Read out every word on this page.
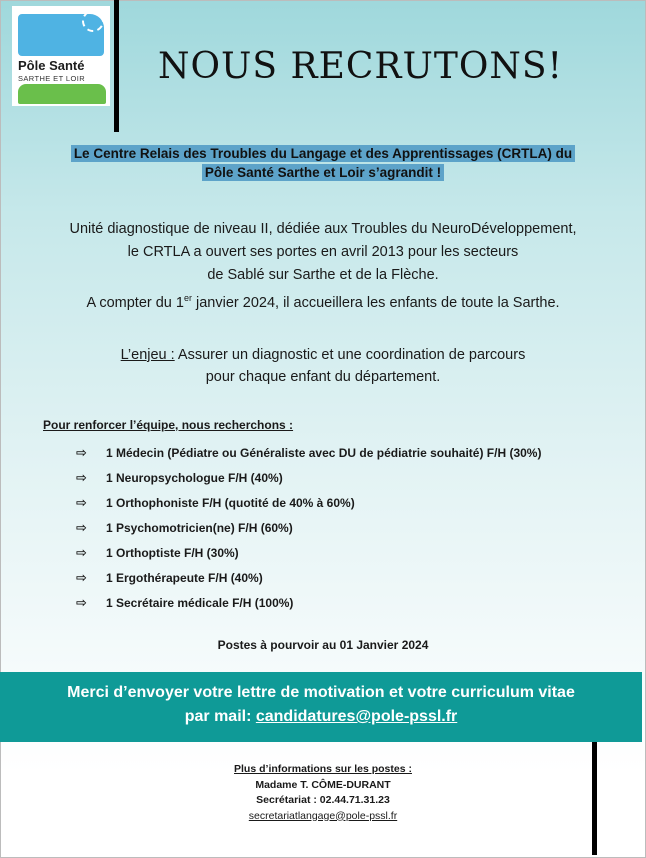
Pôle Santé
SARTHE ET LOIR NOUS RECRUTONS!
Le Centre Relais des Troubles du Langage et des Apprentissages (CRTLA) du
Pôle Santé Sarthe et Loir s’agrandit !
Unité diagnostique de niveau II, dédiée aux Troubles du NeuroDéveloppement,
le CRTLA a ouvert ses portes en avril 2013 pour les secteurs
de Sablé sur Sarthe et de la Flèche.
A compter du 1er janvier 2024, il accueillera les enfants de toute la Sarthe.
L’enjeu : Assurer un diagnostic et une coordination de parcours
pour chaque enfant du département.
Pour renforcer l’équipe, nous recherchons :
⇨	1 Médecin (Pédiatre ou Généraliste avec DU de pédiatrie souhaité) F/H (30%)
⇨	1 Neuropsychologue F/H (40%)
⇨	1 Orthophoniste F/H (quotité de 40% à 60%)
⇨	1 Psychomotricien(ne) F/H (60%)
⇨	1 Orthoptiste F/H (30%)
⇨	1 Ergothérapeute F/H (40%)
⇨	1 Secrétaire médicale F/H (100%)
Postes à pourvoir au 01 Janvier 2024
Merci d’envoyer votre lettre de motivation et votre curriculum vitae
par mail: candidatures@pole-pssl.fr
Plus d’informations sur les postes :
Madame T. CÔME-DURANT
Secrétariat : 02.44.71.31.23
secretariatlangage@pole-pssl.fr
